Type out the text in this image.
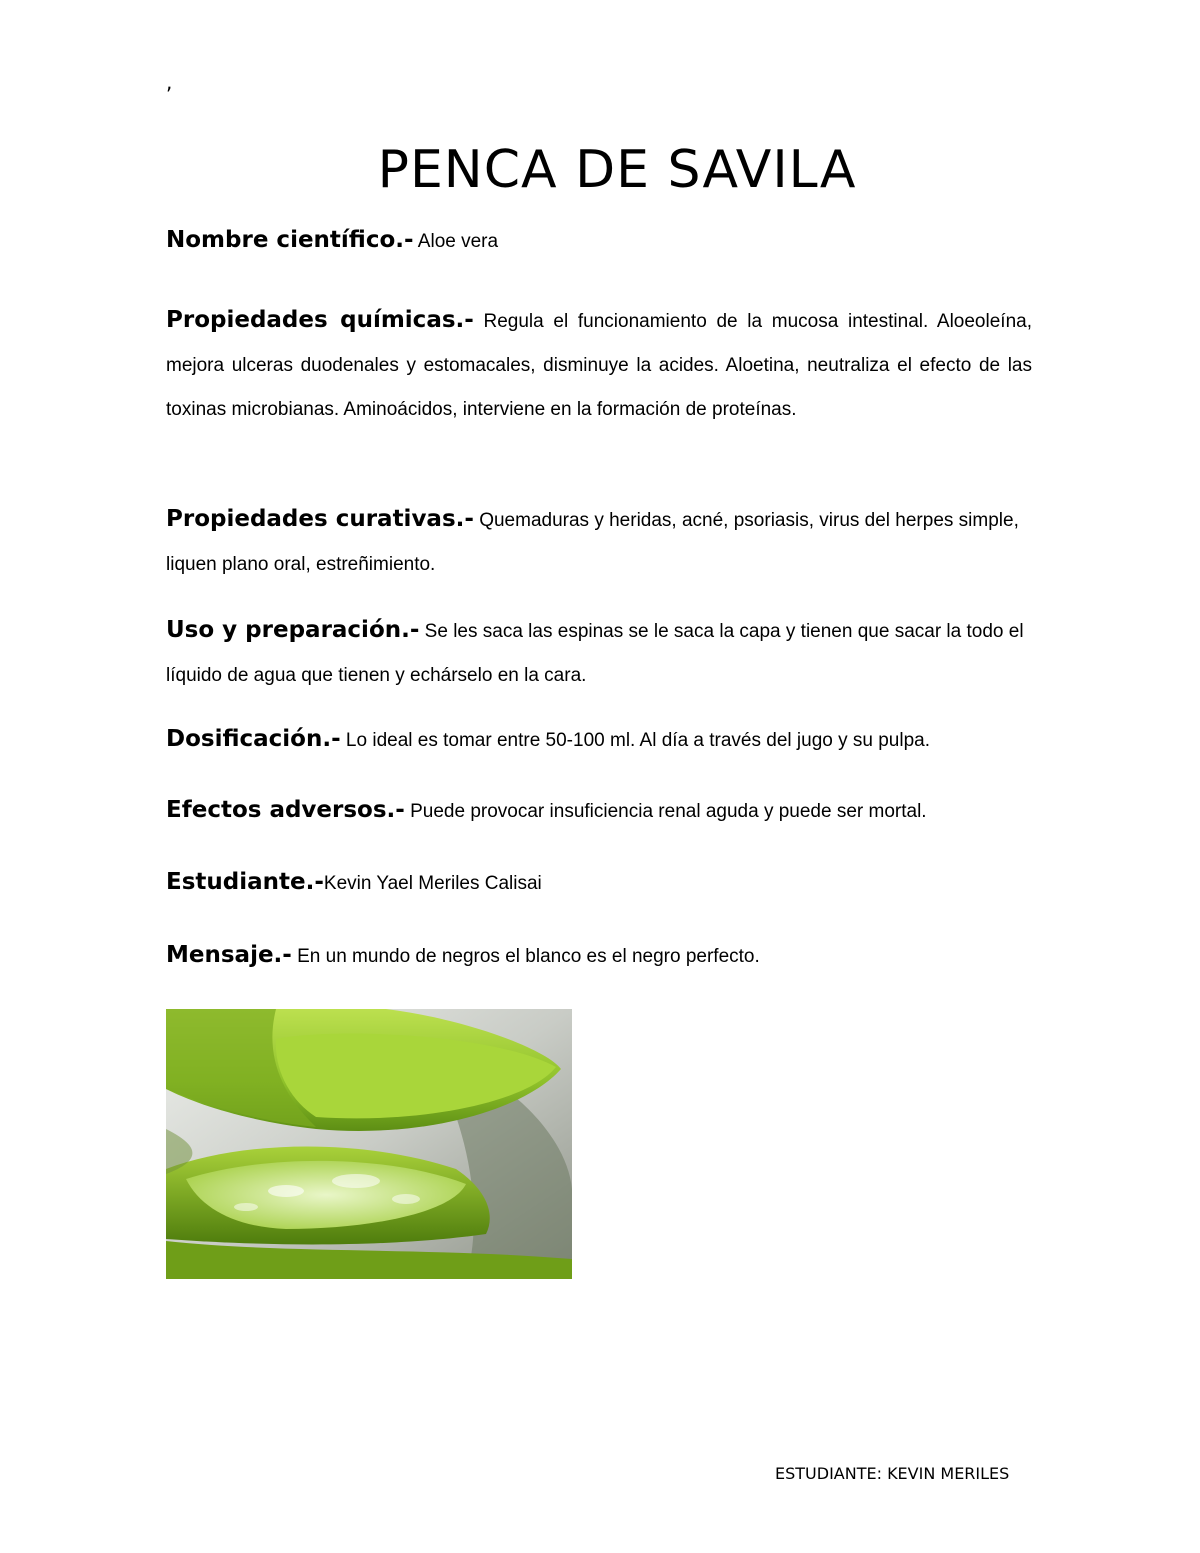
,
PENCA DE SAVILA

Nombre científico.- Aloe vera

Propiedades químicas.- Regula el funcionamiento de la mucosa intestinal. Aloeoleína, mejora ulceras duodenales y estomacales, disminuye la acides. Aloetina, neutraliza el efecto de las toxinas microbianas. Aminoácidos, interviene en la formación de proteínas.

Propiedades curativas.- Quemaduras y heridas, acné, psoriasis, virus del herpes simple, liquen plano oral, estreñimiento.

Uso y preparación.- Se les saca las espinas se le saca la capa y tienen que sacar la todo el líquido de agua que tienen y echárselo en la cara.

Dosificación.- Lo ideal es tomar entre 50-100 ml. Al día a través del jugo y su pulpa.

Efectos adversos.- Puede provocar insuficiencia renal aguda y puede ser mortal.

Estudiante.-Kevin Yael Meriles Calisai

Mensaje.- En un mundo de negros el blanco es el negro perfecto.

ESTUDIANTE: KEVIN MERILES
